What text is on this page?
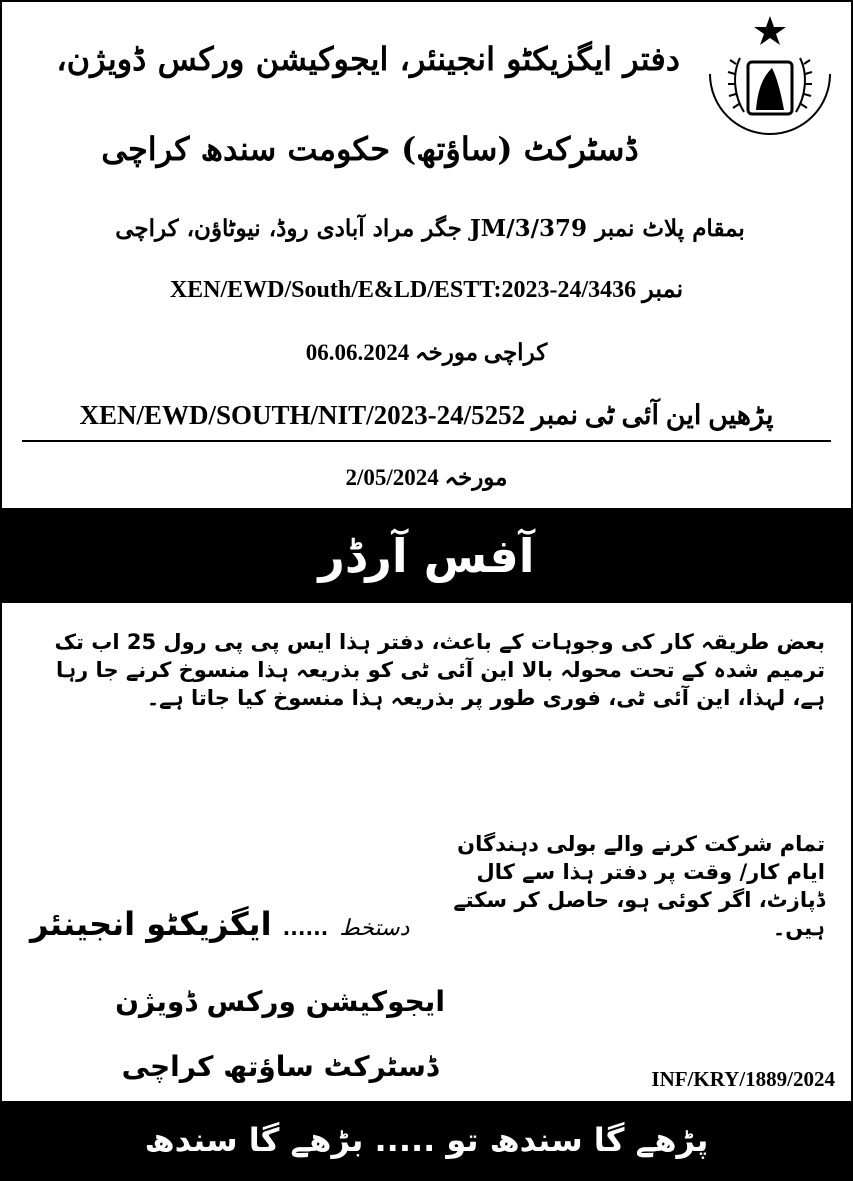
دفتر ایگزیکٹو انجینئر، ایجوکیشن ورکس ڈویژن،
ڈسٹرکٹ (ساؤتھ) حکومت سندھ کراچی
بمقام پلاٹ نمبر JM/3/379 جگر مراد آبادی روڈ، نیوٹاؤن، کراچی
XEN/EWD/South/E&LD/ESTT:2023-24/3436 نمبر
06.06.2024 کراچی مورخہ
XEN/EWD/SOUTH/NIT/2023-24/5252 پڑھیں این آئی ٹی نمبر
2/05/2024 مورخہ
آفس آرڈر
بعض طریقہ کار کی وجوہات کے باعث، دفتر ہذا ایس پی پی رول 25 اب تک ترمیم شدہ کے تحت محولہ بالا این آئی ٹی کو بذریعہ ہذا منسوخ کرنے جا رہا ہے، لہذا، این آئی ٹی، فوری طور پر بذریعہ ہذا منسوخ کیا جاتا ہے۔
تمام شرکت کرنے والے بولی دہندگان ایام کار/ وقت پر دفتر ہذا سے کال ڈپازٹ، اگر کوئی ہو، حاصل کر سکتے ہیں۔
ایگزیکٹو انجینئر ...... دستخط
ایجوکیشن ورکس ڈویژن
ڈسٹرکٹ ساؤتھ کراچی	INF/KRY/1889/2024
پڑھے گا سندھ تو ..... بڑھے گا سندھ
